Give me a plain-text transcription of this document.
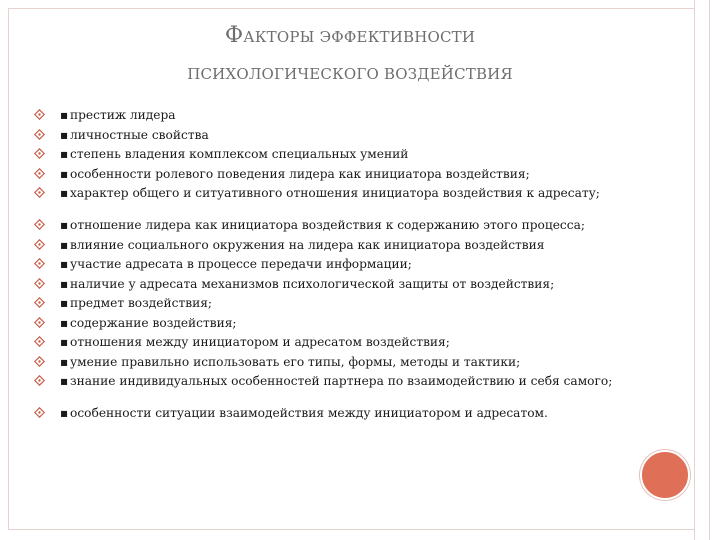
ФАКТОРЫ ЭФФЕКТИВНОСТИ
ПСИХОЛОГИЧЕСКОГО ВОЗДЕЙСТВИЯ
▪ престиж лидера
▪ личностные свойства
▪ степень владения комплексом специальных умений
▪ особенности ролевого поведения лидера как инициатора воздействия;
▪ характер общего и ситуативного отношения инициатора воздействия к адресату;
▪ отношение лидера как инициатора воздействия к содержанию этого процесса;
▪ влияние социального окружения на лидера как инициатора воздействия
▪ участие адресата в процессе передачи информации;
▪ наличие у адресата механизмов психологической защиты от воздействия;
▪ предмет воздействия;
▪ содержание воздействия;
▪ отношения между инициатором и адресатом воздействия;
▪ умение правильно использовать его типы, формы, методы и тактики;
▪ знание индивидуальных особенностей партнера по взаимодействию и себя самого;
▪ особенности ситуации взаимодействия между инициатором и адресатом.
